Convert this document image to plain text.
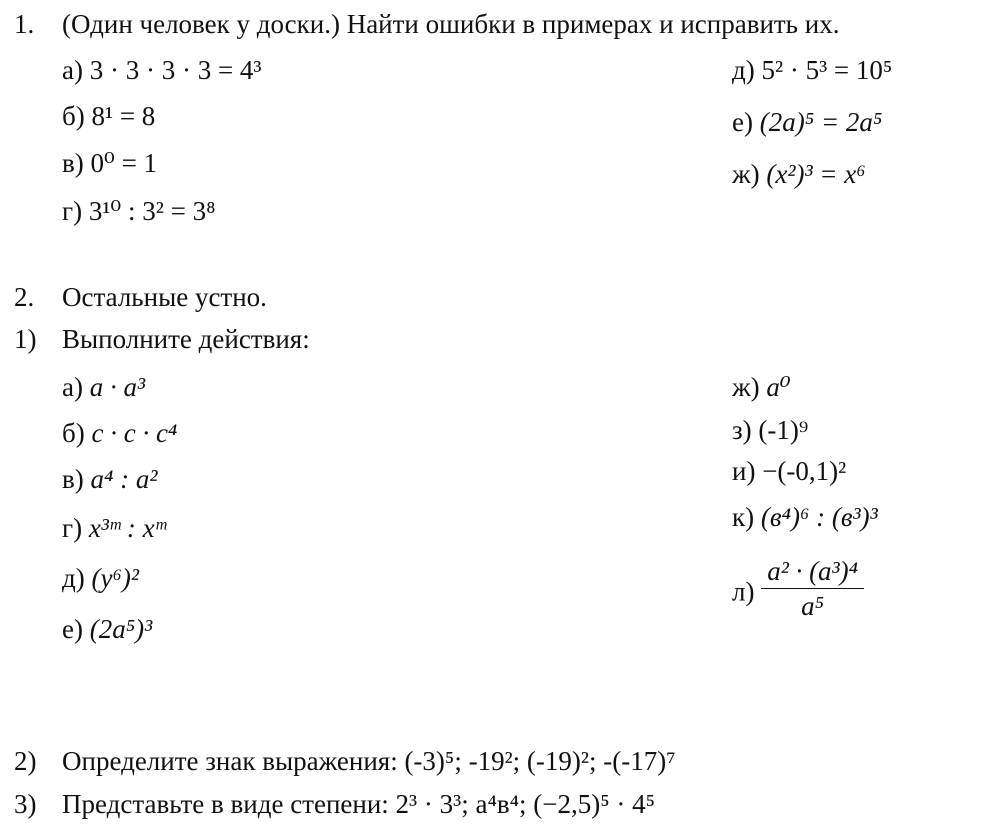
1. (Один человек у доски.) Найти ошибки в примерах и исправить их.
а) 3 · 3 · 3 · 3 = 4³
б) 8¹ = 8
в) 0⁰ = 1
г) 3¹⁰ : 3² = 3⁸
д) 5² · 5³ = 10⁵
е) (2a)⁵ = 2a⁵
ж) (x²)³ = x⁶
2. Остальные устно.
1) Выполните действия:
а) a · a³
б) c · c · c⁴
в) a⁴ : a²
г) x³ᵐ : xᵐ
д) (y⁶)²
е) (2a⁵)³
ж) a⁰
з) (-1)⁹
и) −(-0,1)²
к) (в⁴)⁶ : (в³)³
$л) \frac{\text{a² · (a³)⁴}}{\text{a⁵}}$
2) Определите знак выражения: (-3)⁵; -19²; (-19)²; -(-17)⁷
3) Представьте в виде степени: 2³ · 3³; a⁴в⁴; (−2,5)⁵ · 4⁵
